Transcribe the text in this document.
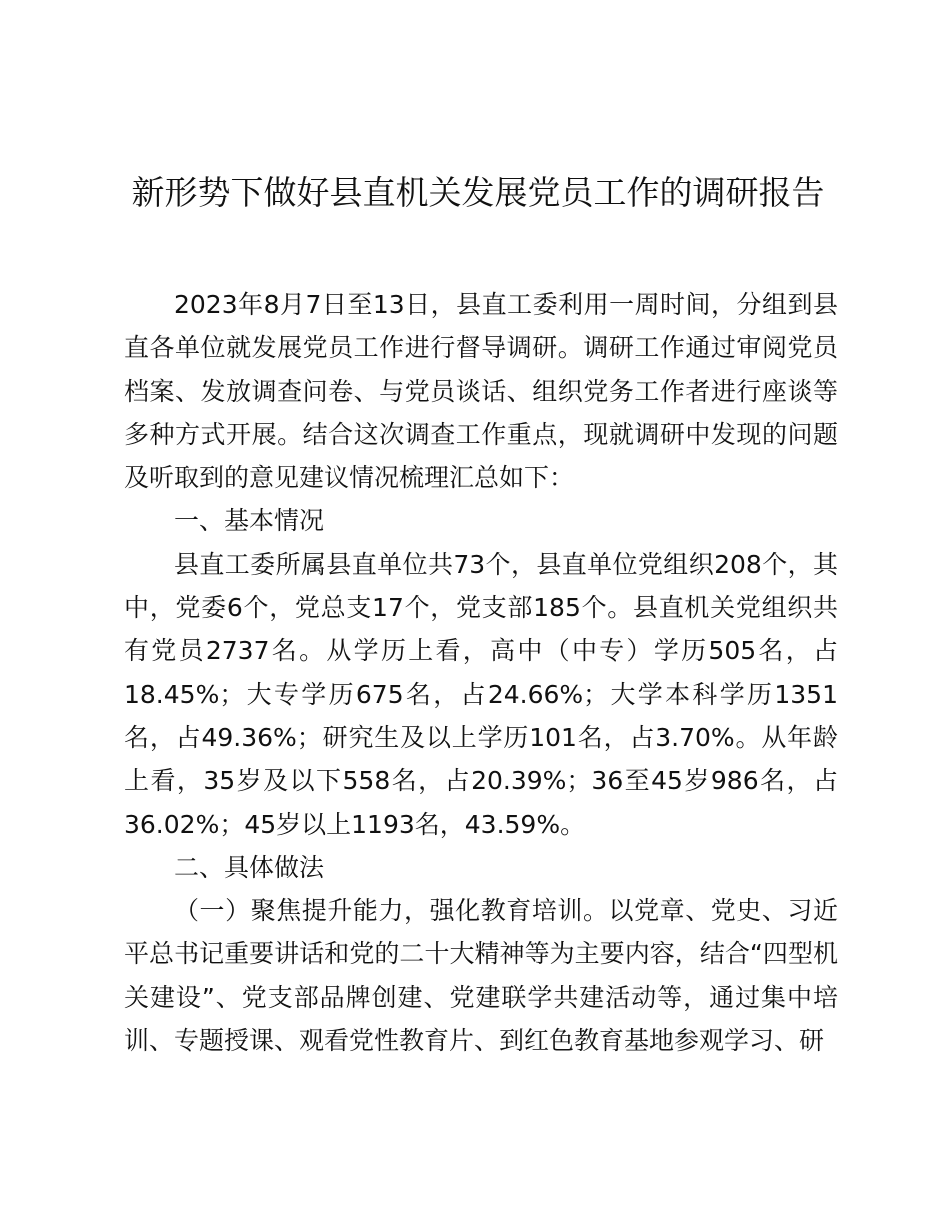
新形势下做好县直机关发展党员工作的调研报告

2023年8月7日至13日，县直工委利用一周时间，分组到县直各单位就发展党员工作进行督导调研。调研工作通过审阅党员档案、发放调查问卷、与党员谈话、组织党务工作者进行座谈等多种方式开展。结合这次调查工作重点，现就调研中发现的问题及听取到的意见建议情况梳理汇总如下：

一、基本情况

县直工委所属县直单位共73个，县直单位党组织208个，其中，党委6个，党总支17个，党支部185个。县直机关党组织共有党员2737名。从学历上看，高中（中专）学历505名，占18.45%；大专学历675名，占24.66%；大学本科学历1351名，占49.36%；研究生及以上学历101名，占3.70%。从年龄上看，35岁及以下558名，占20.39%；36至45岁986名，占36.02%；45岁以上1193名，43.59%。

二、具体做法

（一）聚焦提升能力，强化教育培训。以党章、党史、习近平总书记重要讲话和党的二十大精神等为主要内容，结合“四型机关建设”、党支部品牌创建、党建联学共建活动等，通过集中培训、专题授课、观看党性教育片、到红色教育基地参观学习、研
